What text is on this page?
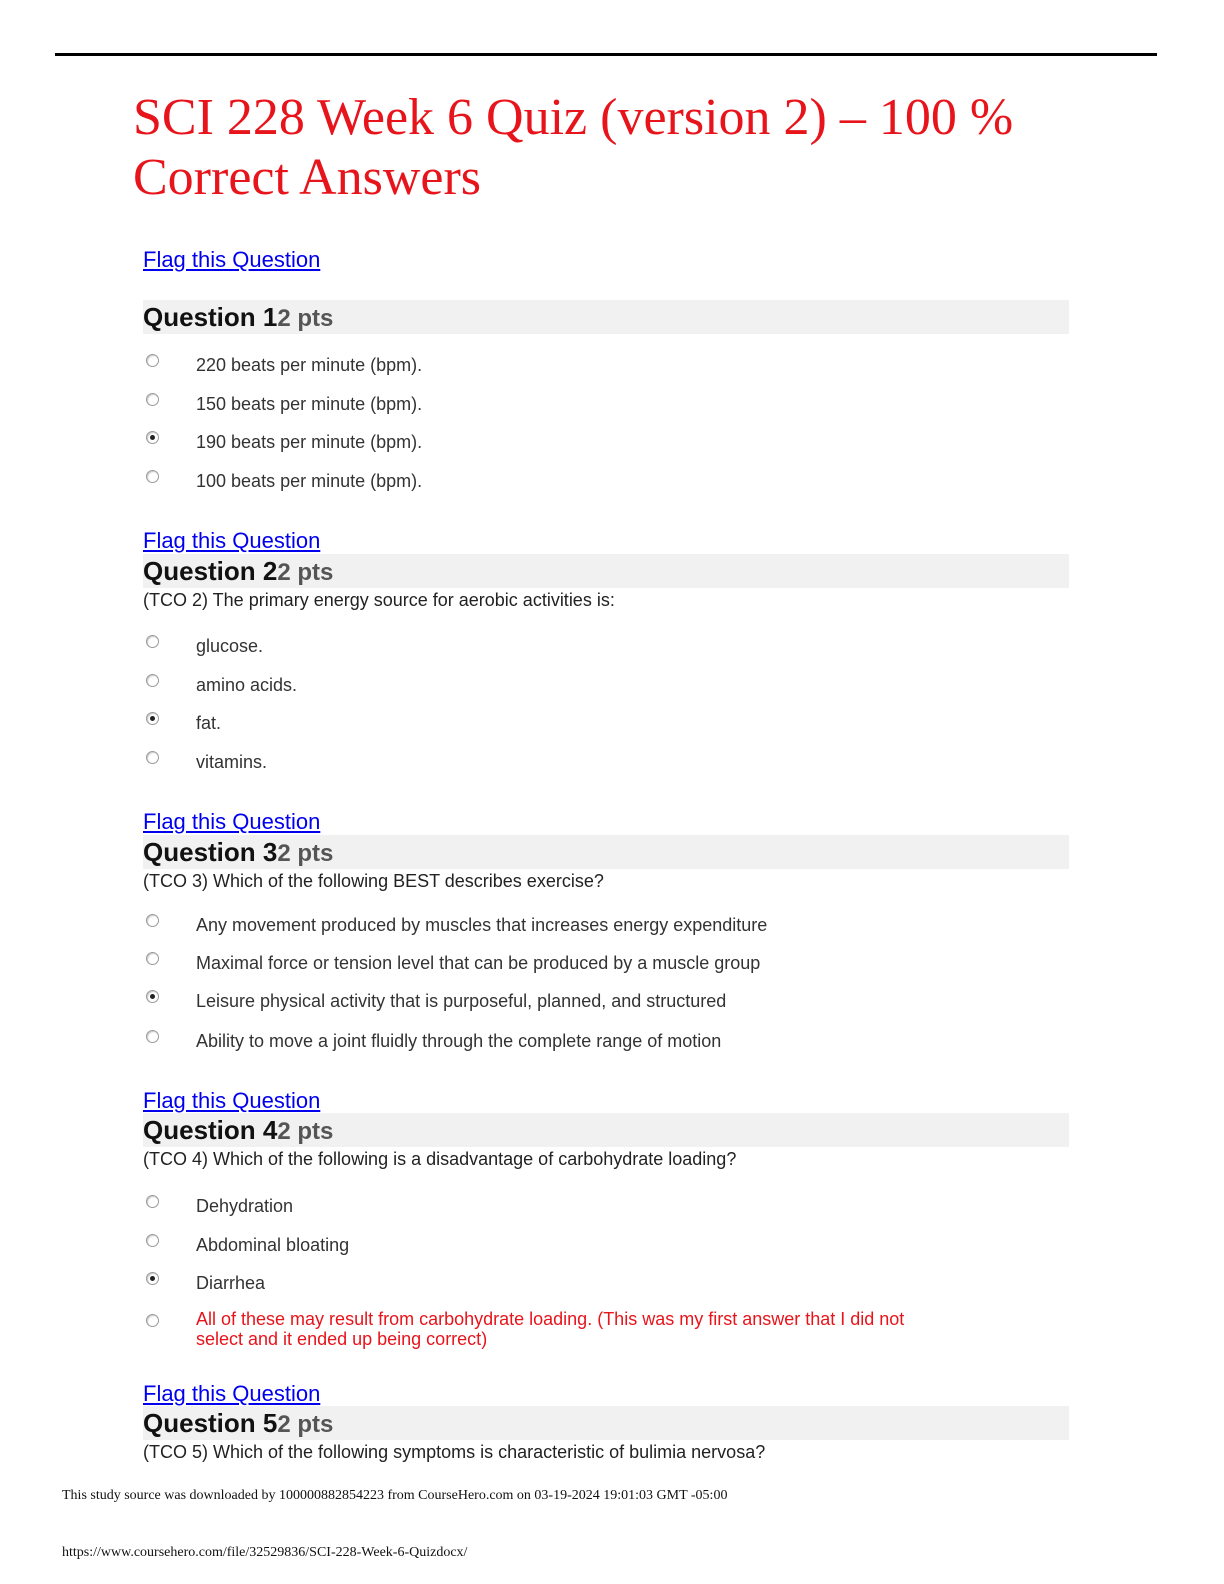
SCI 228 Week 6 Quiz (version 2) – 100 % Correct Answers
Flag this Question
Question 12 pts
220 beats per minute (bpm).
150 beats per minute (bpm).
190 beats per minute (bpm).
100 beats per minute (bpm).
Flag this Question
Question 22 pts
(TCO 2) The primary energy source for aerobic activities is:
glucose.
amino acids.
fat.
vitamins.
Flag this Question
Question 32 pts
(TCO 3) Which of the following BEST describes exercise?
Any movement produced by muscles that increases energy expenditure
Maximal force or tension level that can be produced by a muscle group
Leisure physical activity that is purposeful, planned, and structured
Ability to move a joint fluidly through the complete range of motion
Flag this Question
Question 42 pts
(TCO 4) Which of the following is a disadvantage of carbohydrate loading?
Dehydration
Abdominal bloating
Diarrhea
All of these may result from carbohydrate loading. (This was my first answer that I did not select and it ended up being correct)
Flag this Question
Question 52 pts
(TCO 5) Which of the following symptoms is characteristic of bulimia nervosa?
This study source was downloaded by 100000882854223 from CourseHero.com on 03-19-2024 19:01:03 GMT -05:00
https://www.coursehero.com/file/32529836/SCI-228-Week-6-Quizdocx/
